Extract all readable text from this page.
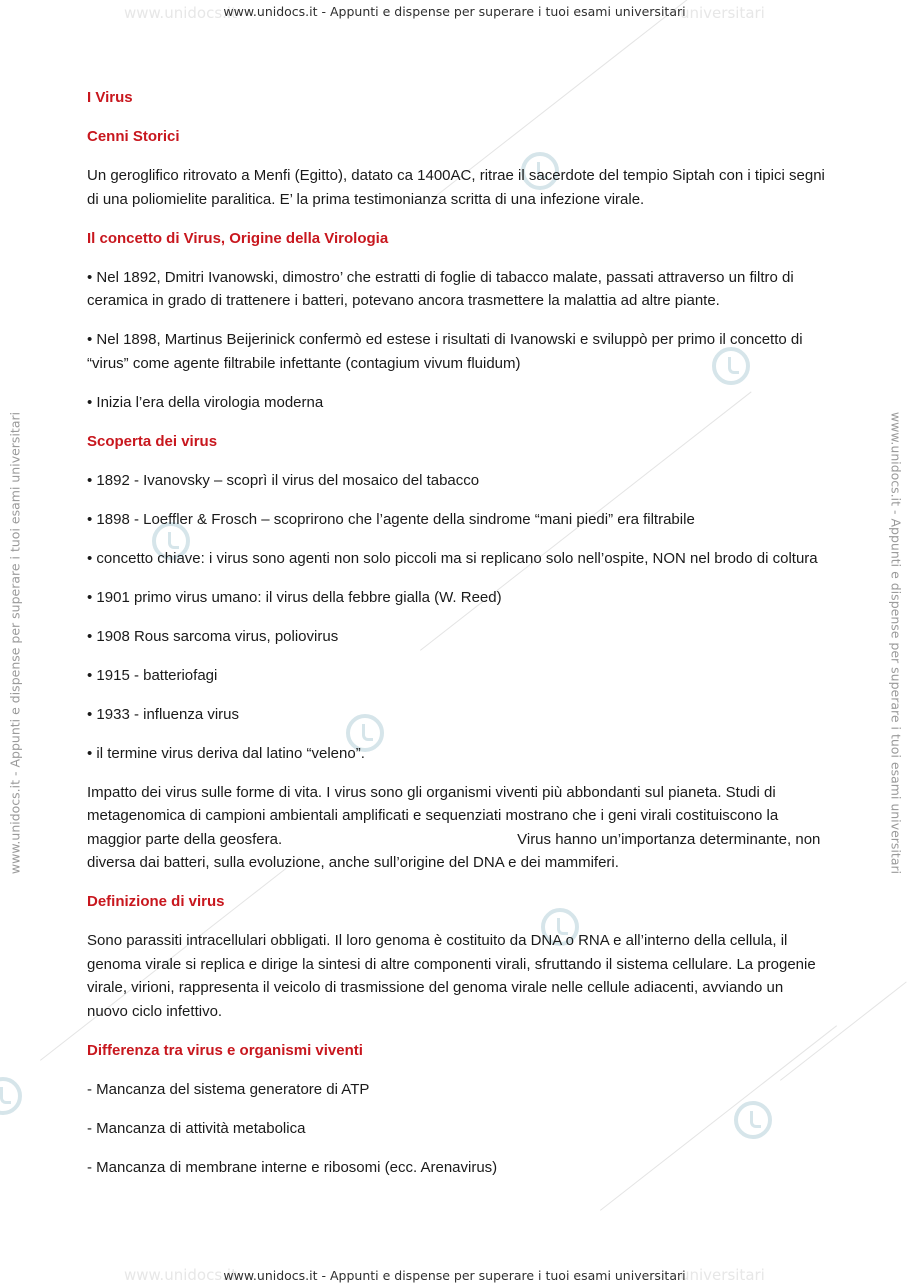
www.unidocs.it	universitari
www.unidocs.it - Appunti e dispense per superare i tuoi esami universitari
www.unidocs.it	universitari
www.unidocs.it - Appunti e dispense per superare i tuoi esami universitari
www.unidocs.it - Appunti e dispense per superare i tuoi esami universitari	www.unidocs.it - Appunti e dispense per superare i tuoi esami universitari

I Virus

Cenni Storici

Un geroglifico ritrovato a Menfi (Egitto), datato ca 1400AC, ritrae il sacerdote del tempio Siptah con i tipici segni di una poliomielite paralitica. E’ la prima testimonianza scritta di una infezione virale.

Il concetto di Virus, Origine della Virologia

• Nel 1892, Dmitri Ivanowski, dimostro’ che estratti di foglie di tabacco malate, passati attraverso un filtro di ceramica in grado di trattenere i batteri, potevano ancora trasmettere la malattia ad altre piante.

• Nel 1898, Martinus Beijerinick confermò ed estese i risultati di Ivanowski e sviluppò per primo il concetto di “virus” come agente filtrabile infettante (contagium vivum fluidum)

• Inizia l’era della virologia moderna

Scoperta dei virus

• 1892 - Ivanovsky – scoprì il virus del mosaico del tabacco

• 1898 - Loeffler & Frosch – scoprirono che l’agente della sindrome “mani piedi” era filtrabile

• concetto chiave: i virus sono agenti non solo piccoli ma si replicano solo nell’ospite, NON nel brodo di coltura

• 1901 primo virus umano: il virus della febbre gialla (W. Reed)

• 1908 Rous sarcoma virus, poliovirus

• 1915 - batteriofagi

• 1933 - influenza virus

• il termine virus deriva dal latino “veleno”.

Impatto dei virus sulle forme di vita. I virus sono gli organismi viventi più abbondanti sul pianeta. Studi di metagenomica di campioni ambientali amplificati e sequenziati mostrano che i geni virali costituiscono la maggior parte della geosfera.	Virus hanno un’importanza determinante, non diversa dai batteri, sulla evoluzione, anche sull’origine del DNA e dei mammiferi.

Definizione di virus

Sono parassiti intracellulari obbligati. Il loro genoma è costituito da DNA o RNA e all’interno della cellula, il genoma virale si replica e dirige la sintesi di altre componenti virali, sfruttando il sistema cellulare. La progenie virale, virioni, rappresenta il veicolo di trasmissione del genoma virale nelle cellule adiacenti, avviando un nuovo ciclo infettivo.

Differenza tra virus e organismi viventi

- Mancanza del sistema generatore di ATP

- Mancanza di attività metabolica

- Mancanza di membrane interne e ribosomi (ecc. Arenavirus)
